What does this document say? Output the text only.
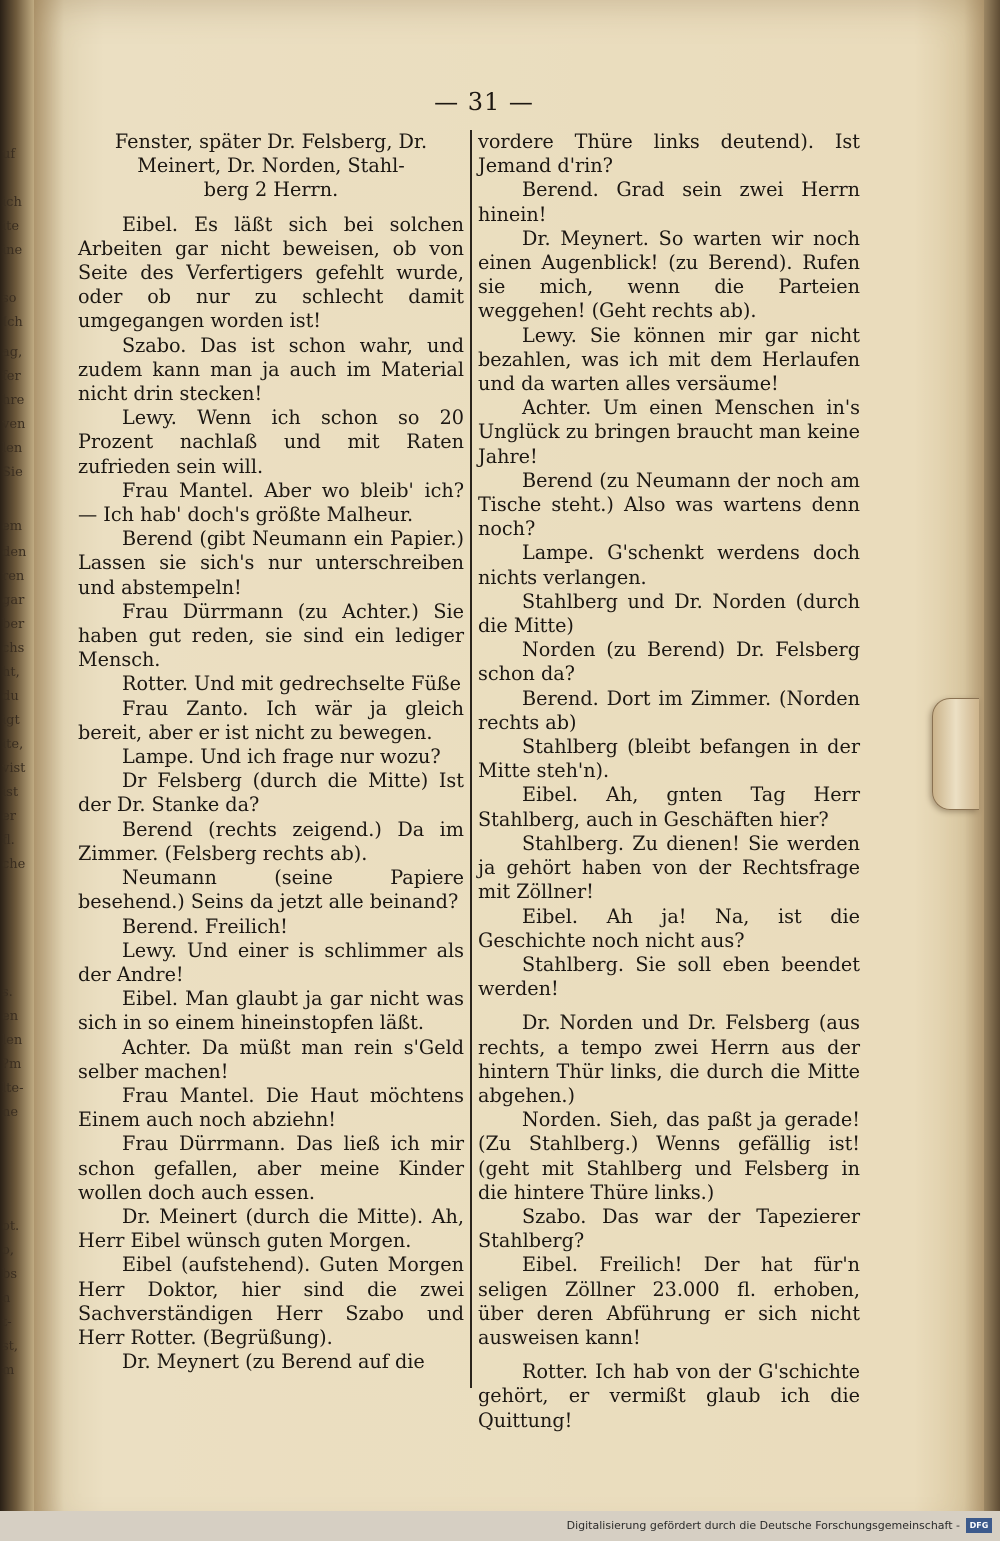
uf
ich
ite
ine
so
Ich
ag,
fer
hre
ven
len
Sie
em
den
ren
gar
ber
chs
ht,
du
igt
ite,
vist
ist
er
fl.
che
s.
en
len
?m
lte-
ne
ot.
o,
bs
n
t-
st,
m
— 31 —

Fenster, später Dr. Felsberg, Dr.

Meinert, Dr. Norden, Stahl-

berg 2 Herrn.

Eibel. Es läßt sich bei solchen Arbeiten gar nicht beweisen, ob von Seite des Verfertigers gefehlt wurde, oder ob nur zu schlecht damit umgegangen worden ist!

Szabo. Das ist schon wahr, und zudem kann man ja auch im Material nicht drin stecken!

Lewy. Wenn ich schon so 20 Prozent nachlaß und mit Raten zufrieden sein will.

Frau Mantel. Aber wo bleib' ich? — Ich hab' doch's größte Malheur.

Berend (gibt Neumann ein Papier.) Lassen sie sich's nur unterschreiben und abstempeln!

Frau Dürrmann (zu Achter.) Sie haben gut reden, sie sind ein lediger Mensch.

Rotter. Und mit gedrechselte Füße

Frau Zanto. Ich wär ja gleich bereit, aber er ist nicht zu bewegen.

Lampe. Und ich frage nur wozu?

Dr Felsberg (durch die Mitte) Ist der Dr. Stanke da?

Berend (rechts zeigend.) Da im Zimmer. (Felsberg rechts ab).

Neumann (seine Papiere besehend.) Seins da jetzt alle beinand?

Berend. Freilich!

Lewy. Und einer is schlimmer als der Andre!

Eibel. Man glaubt ja gar nicht was sich in so einem hineinstopfen läßt.

Achter. Da müßt man rein s'Geld selber machen!

Frau Mantel. Die Haut möchtens Einem auch noch abziehn!

Frau Dürrmann. Das ließ ich mir schon gefallen, aber meine Kinder wollen doch auch essen.

Dr. Meinert (durch die Mitte). Ah, Herr Eibel wünsch guten Morgen.

Eibel (aufstehend). Guten Morgen Herr Doktor, hier sind die zwei Sachverständigen Herr Szabo und Herr Rotter. (Begrüßung).

Dr. Meynert (zu Berend auf die

vordere Thüre links deutend). Ist Jemand d'rin?

Berend. Grad sein zwei Herrn hinein!

Dr. Meynert. So warten wir noch einen Augenblick! (zu Berend). Rufen sie mich, wenn die Parteien weggehen! (Geht rechts ab).

Lewy. Sie können mir gar nicht bezahlen, was ich mit dem Herlaufen und da warten alles versäume!

Achter. Um einen Menschen in's Unglück zu bringen braucht man keine Jahre!

Berend (zu Neumann der noch am Tische steht.) Also was wartens denn noch?

Lampe. G'schenkt werdens doch nichts verlangen.

Stahlberg und Dr. Norden (durch die Mitte)

Norden (zu Berend) Dr. Felsberg schon da?

Berend. Dort im Zimmer. (Norden rechts ab)

Stahlberg (bleibt befangen in der Mitte steh'n).

Eibel. Ah, gnten Tag Herr Stahlberg, auch in Geschäften hier?

Stahlberg. Zu dienen! Sie werden ja gehört haben von der Rechtsfrage mit Zöllner!

Eibel. Ah ja! Na, ist die Geschichte noch nicht aus?

Stahlberg. Sie soll eben beendet werden!

Dr. Norden und Dr. Felsberg (aus rechts, a tempo zwei Herrn aus der hintern Thür links, die durch die Mitte abgehen.)

Norden. Sieh, das paßt ja gerade! (Zu Stahlberg.) Wenns gefällig ist! (geht mit Stahlberg und Felsberg in die hintere Thüre links.)

Szabo. Das war der Tapezierer Stahlberg?

Eibel. Freilich! Der hat für'n seligen Zöllner 23.000 fl. erhoben, über deren Abführung er sich nicht ausweisen kann!

Rotter. Ich hab von der G'schichte gehört, er vermißt glaub ich die Quittung!

Digitalisierung gefördert durch die Deutsche Forschungsgemeinschaft -	DFG
